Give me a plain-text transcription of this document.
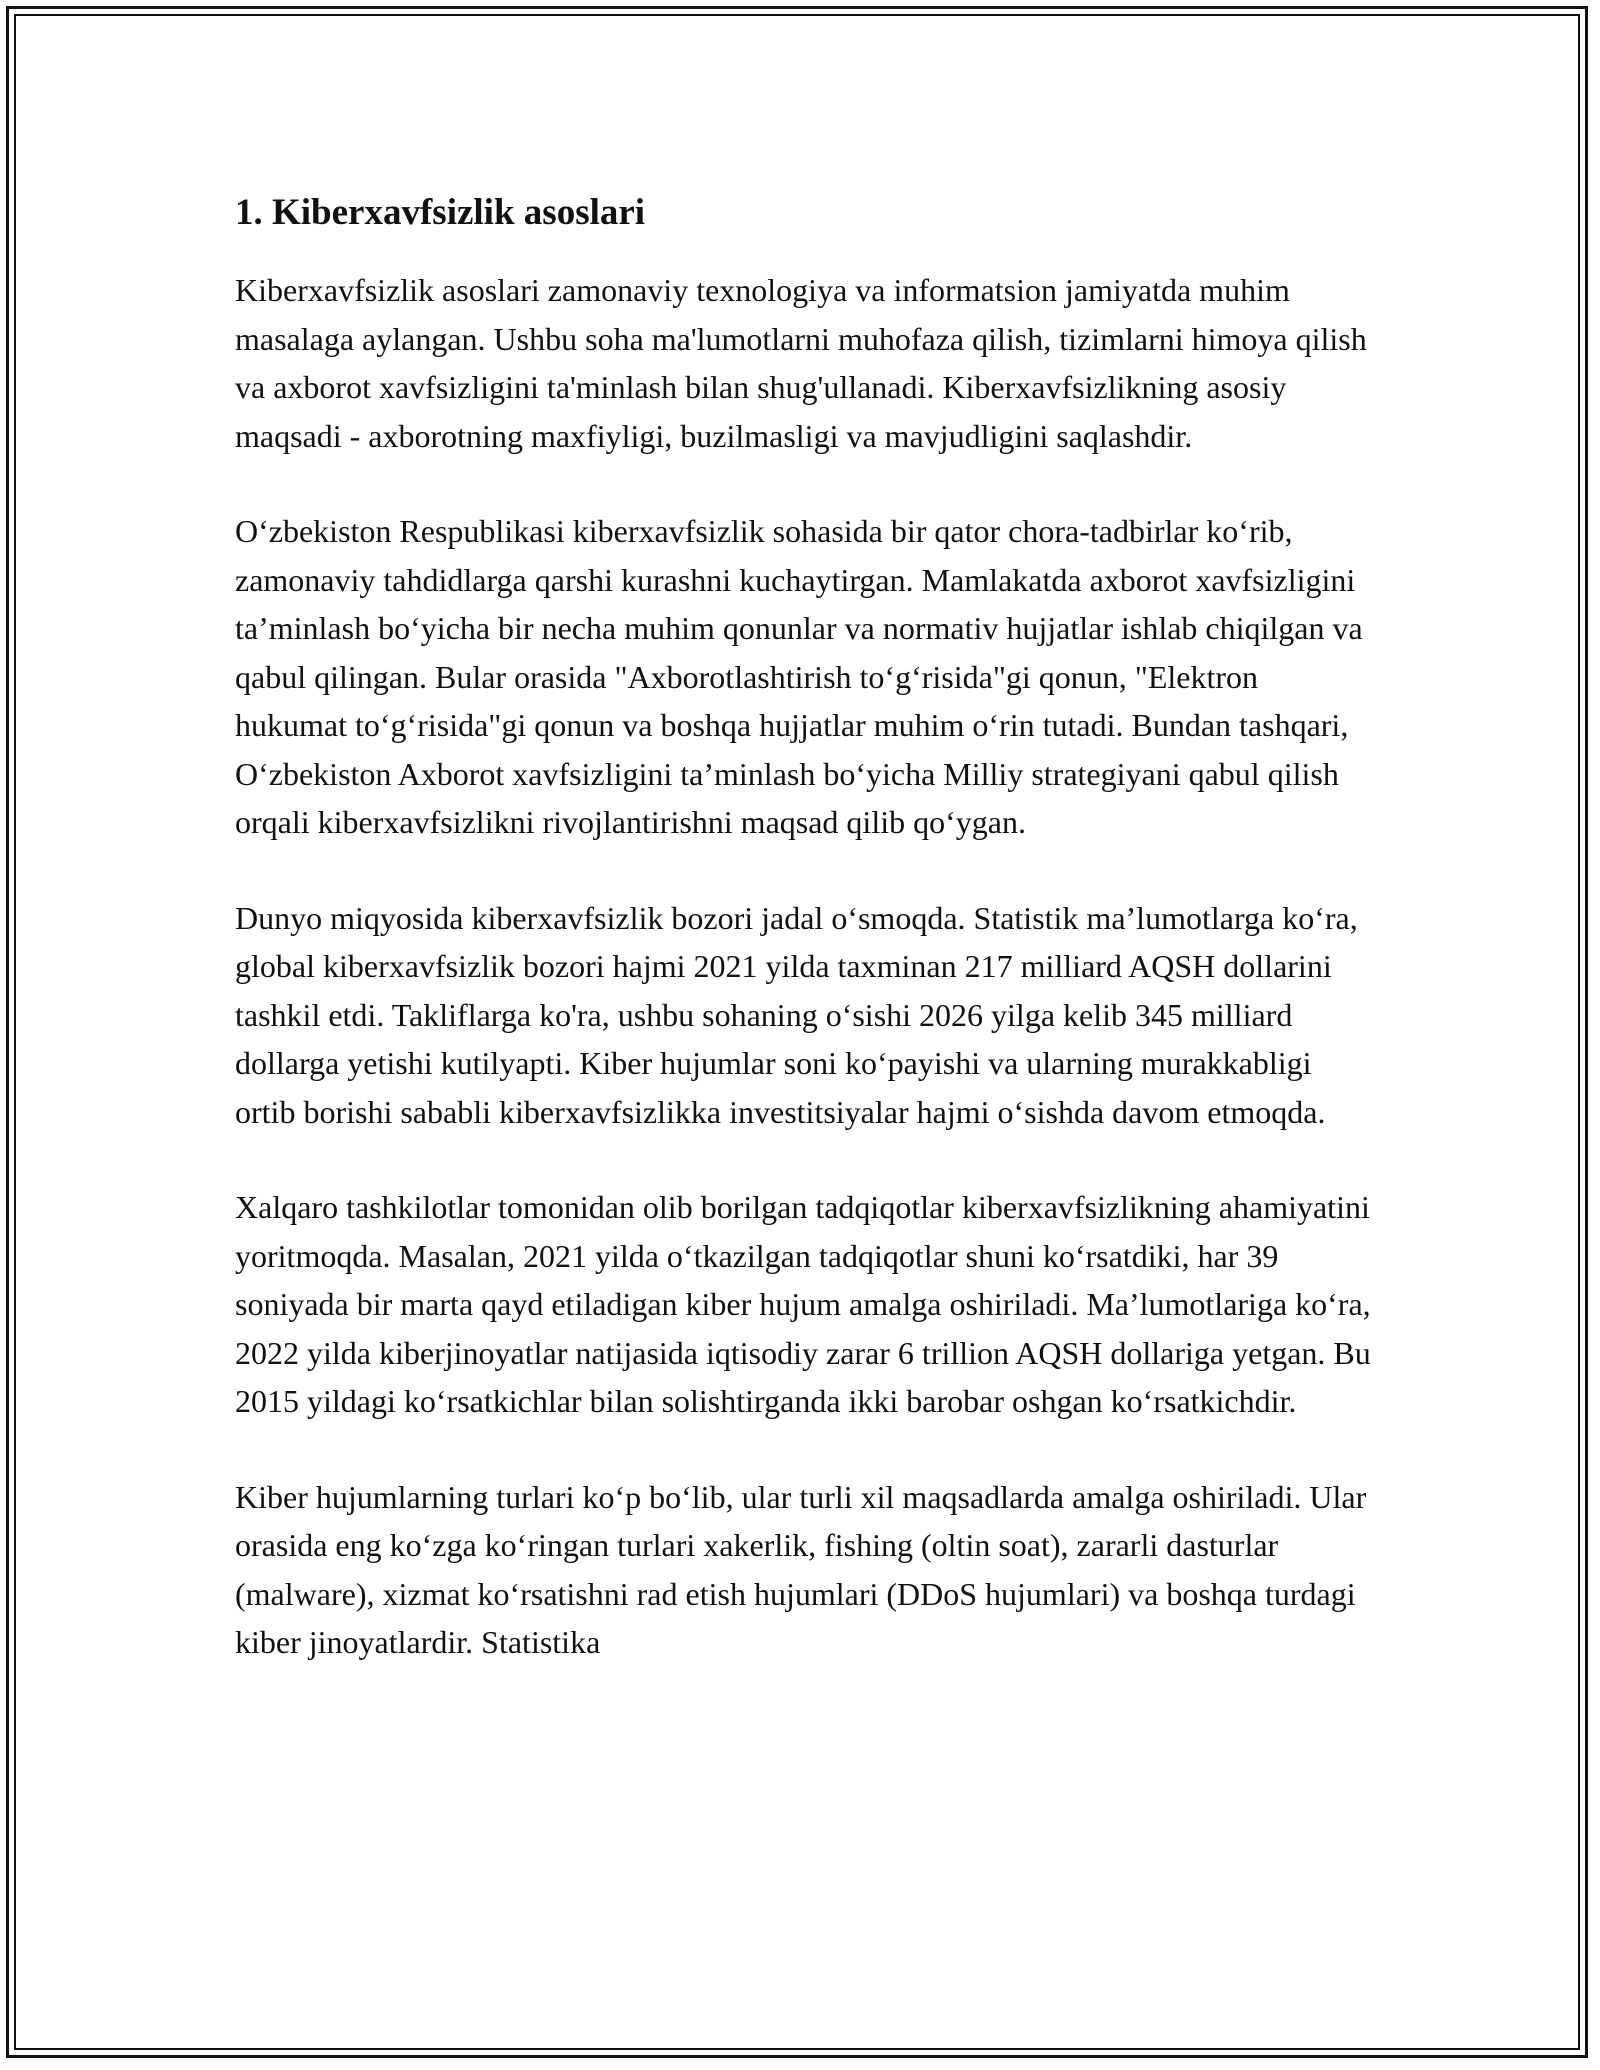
1. Kiberxavfsizlik asoslari

Kiberxavfsizlik asoslari zamonaviy texnologiya va informatsion jamiyatda muhim masalaga aylangan. Ushbu soha ma'lumotlarni muhofaza qilish, tizimlarni himoya qilish va axborot xavfsizligini ta'minlash bilan shug'ullanadi. Kiberxavfsizlikning asosiy maqsadi - axborotning maxfiyligi, buzilmasligi va mavjudligini saqlashdir.

O‘zbekiston Respublikasi kiberxavfsizlik sohasida bir qator chora-tadbirlar ko‘rib, zamonaviy tahdidlarga qarshi kurashni kuchaytirgan. Mamlakatda axborot xavfsizligini ta’minlash bo‘yicha bir necha muhim qonunlar va normativ hujjatlar ishlab chiqilgan va qabul qilingan. Bular orasida "Axborotlashtirish to‘g‘risida"gi qonun, "Elektron hukumat to‘g‘risida"gi qonun va boshqa hujjatlar muhim o‘rin tutadi. Bundan tashqari, O‘zbekiston Axborot xavfsizligini ta’minlash bo‘yicha Milliy strategiyani qabul qilish orqali kiberxavfsizlikni rivojlantirishni maqsad qilib qo‘ygan.

Dunyo miqyosida kiberxavfsizlik bozori jadal o‘smoqda. Statistik ma’lumotlarga ko‘ra, global kiberxavfsizlik bozori hajmi 2021 yilda taxminan 217 milliard AQSH dollarini tashkil etdi. Takliflarga ko'ra, ushbu sohaning o‘sishi 2026 yilga kelib 345 milliard dollarga yetishi kutilyapti. Kiber hujumlar soni ko‘payishi va ularning murakkabligi ortib borishi sababli kiberxavfsizlikka investitsiyalar hajmi o‘sishda davom etmoqda.

Xalqaro tashkilotlar tomonidan olib borilgan tadqiqotlar kiberxavfsizlikning ahamiyatini yoritmoqda. Masalan, 2021 yilda o‘tkazilgan tadqiqotlar shuni ko‘rsatdiki, har 39 soniyada bir marta qayd etiladigan kiber hujum amalga oshiriladi. Ma’lumotlariga ko‘ra, 2022 yilda kiberjinoyatlar natijasida iqtisodiy zarar 6 trillion AQSH dollariga yetgan. Bu 2015 yildagi ko‘rsatkichlar bilan solishtirganda ikki barobar oshgan ko‘rsatkichdir.

Kiber hujumlarning turlari ko‘p bo‘lib, ular turli xil maqsadlarda amalga oshiriladi. Ular orasida eng ko‘zga ko‘ringan turlari xakerlik, fishing (oltin soat), zararli dasturlar (malware), xizmat ko‘rsatishni rad etish hujumlari (DDoS hujumlari) va boshqa turdagi kiber jinoyatlardir. Statistika
